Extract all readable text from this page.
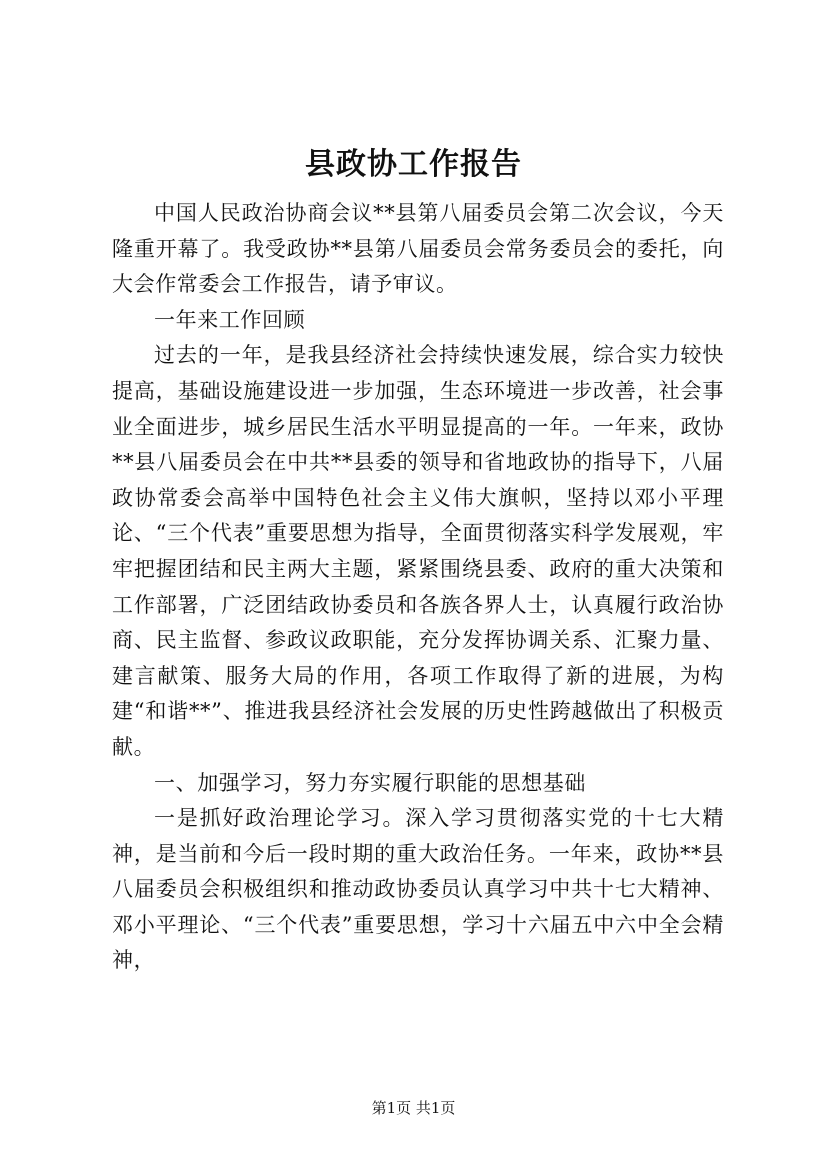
县政协工作报告

中国人民政治协商会议**县第八届委员会第二次会议，今天隆重开幕了。我受政协**县第八届委员会常务委员会的委托，向大会作常委会工作报告，请予审议。

一年来工作回顾

过去的一年，是我县经济社会持续快速发展，综合实力较快提高，基础设施建设进一步加强，生态环境进一步改善，社会事业全面进步，城乡居民生活水平明显提高的一年。一年来，政协**县八届委员会在中共**县委的领导和省地政协的指导下，八届政协常委会高举中国特色社会主义伟大旗帜，坚持以邓小平理论、“三个代表”重要思想为指导，全面贯彻落实科学发展观，牢牢把握团结和民主两大主题，紧紧围绕县委、政府的重大决策和工作部署，广泛团结政协委员和各族各界人士，认真履行政治协商、民主监督、参政议政职能，充分发挥协调关系、汇聚力量、建言献策、服务大局的作用，各项工作取得了新的进展，为构建“和谐**”、推进我县经济社会发展的历史性跨越做出了积极贡献。

一、加强学习，努力夯实履行职能的思想基础

一是抓好政治理论学习。深入学习贯彻落实党的十七大精神，是当前和今后一段时期的重大政治任务。一年来，政协**县八届委员会积极组织和推动政协委员认真学习中共十七大精神、邓小平理论、“三个代表”重要思想，学习十六届五中六中全会精神，

第1页 共1页
